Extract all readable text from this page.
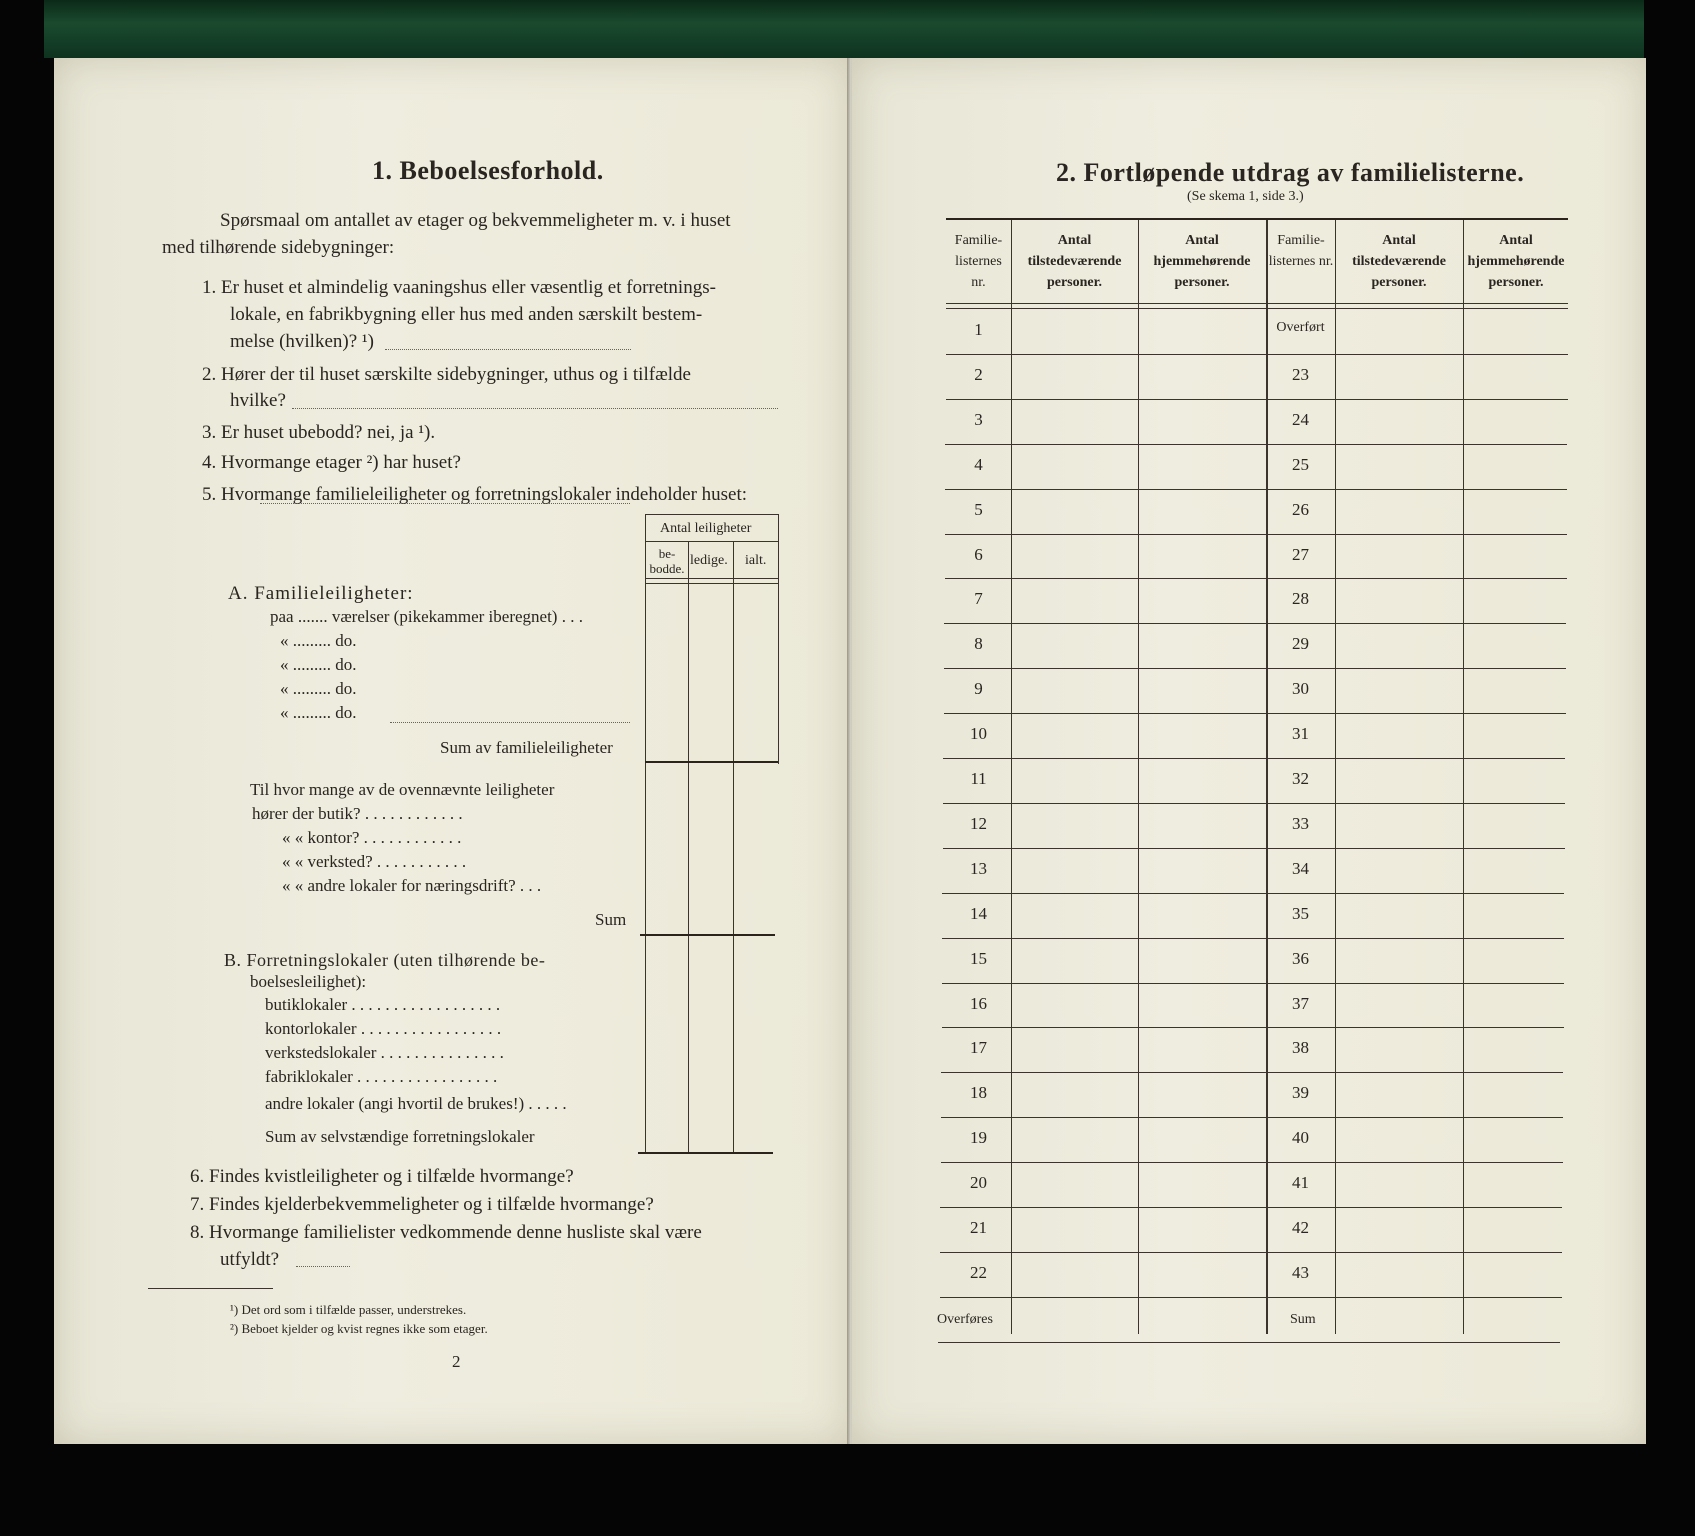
1. Beboelsesforhold.
Spørsmaal om antallet av etager og bekvemmeligheter m. v. i huset
med tilhørende sidebygninger:
1. Er huset et almindelig vaaningshus eller væsentlig et forretnings-
lokale, en fabrikbygning eller hus med anden særskilt bestem-
melse (hvilken)? ¹)
2. Hører der til huset særskilte sidebygninger, uthus og i tilfælde
hvilke?
3. Er huset ubebodd? nei, ja ¹).
4. Hvormange etager ²) har huset?
5. Hvormange familieleiligheter og forretningslokaler indeholder huset:
Antal leiligheter
be-bodde.
ledige. ialt.
A. Familieleiligheter:
paa ....... værelser (pikekammer iberegnet) . . .
« ......... do.
« ......... do.
« ......... do.
« ......... do.
Sum av familieleiligheter
Til hvor mange av de ovennævnte leiligheter
hører der butik? . . . . . . . . . . . .
« « kontor? . . . . . . . . . . . .
« « verksted? . . . . . . . . . . .
« « andre lokaler for næringsdrift? . . .
Sum
B. Forretningslokaler (uten tilhørende be-
boelsesleilighet):
butiklokaler . . . . . . . . . . . . . . . . . .
kontorlokaler . . . . . . . . . . . . . . . . .
verkstedslokaler . . . . . . . . . . . . . . .
fabriklokaler . . . . . . . . . . . . . . . . .
andre lokaler (angi hvortil de brukes!) . . . . .
Sum av selvstændige forretningslokaler
6. Findes kvistleiligheter og i tilfælde hvormange?
7. Findes kjelderbekvemmeligheter og i tilfælde hvormange?
8. Hvormange familielister vedkommende denne husliste skal være
utfyldt?
¹) Det ord som i tilfælde passer, understrekes.
²) Beboet kjelder og kvist regnes ikke som etager.
2
2. Fortløpende utdrag av familielisterne.
(Se skema 1, side 3.)
Familie-listernes nr.
Antal tilstedeværende personer.
Antal hjemmehørende personer.
Familie-listernes nr.
Antal tilstedeværende personer.
Antal hjemmehørende personer.
1	Overført
2	23
3	24
4	25
5	26
6	27
7	28
8	29
9	30
10	31
11	32
12	33
13	34
14	35
15	36
16	37
17	38
18	39
19	40
20	41
21	42
22	43
Overføres	Sum
